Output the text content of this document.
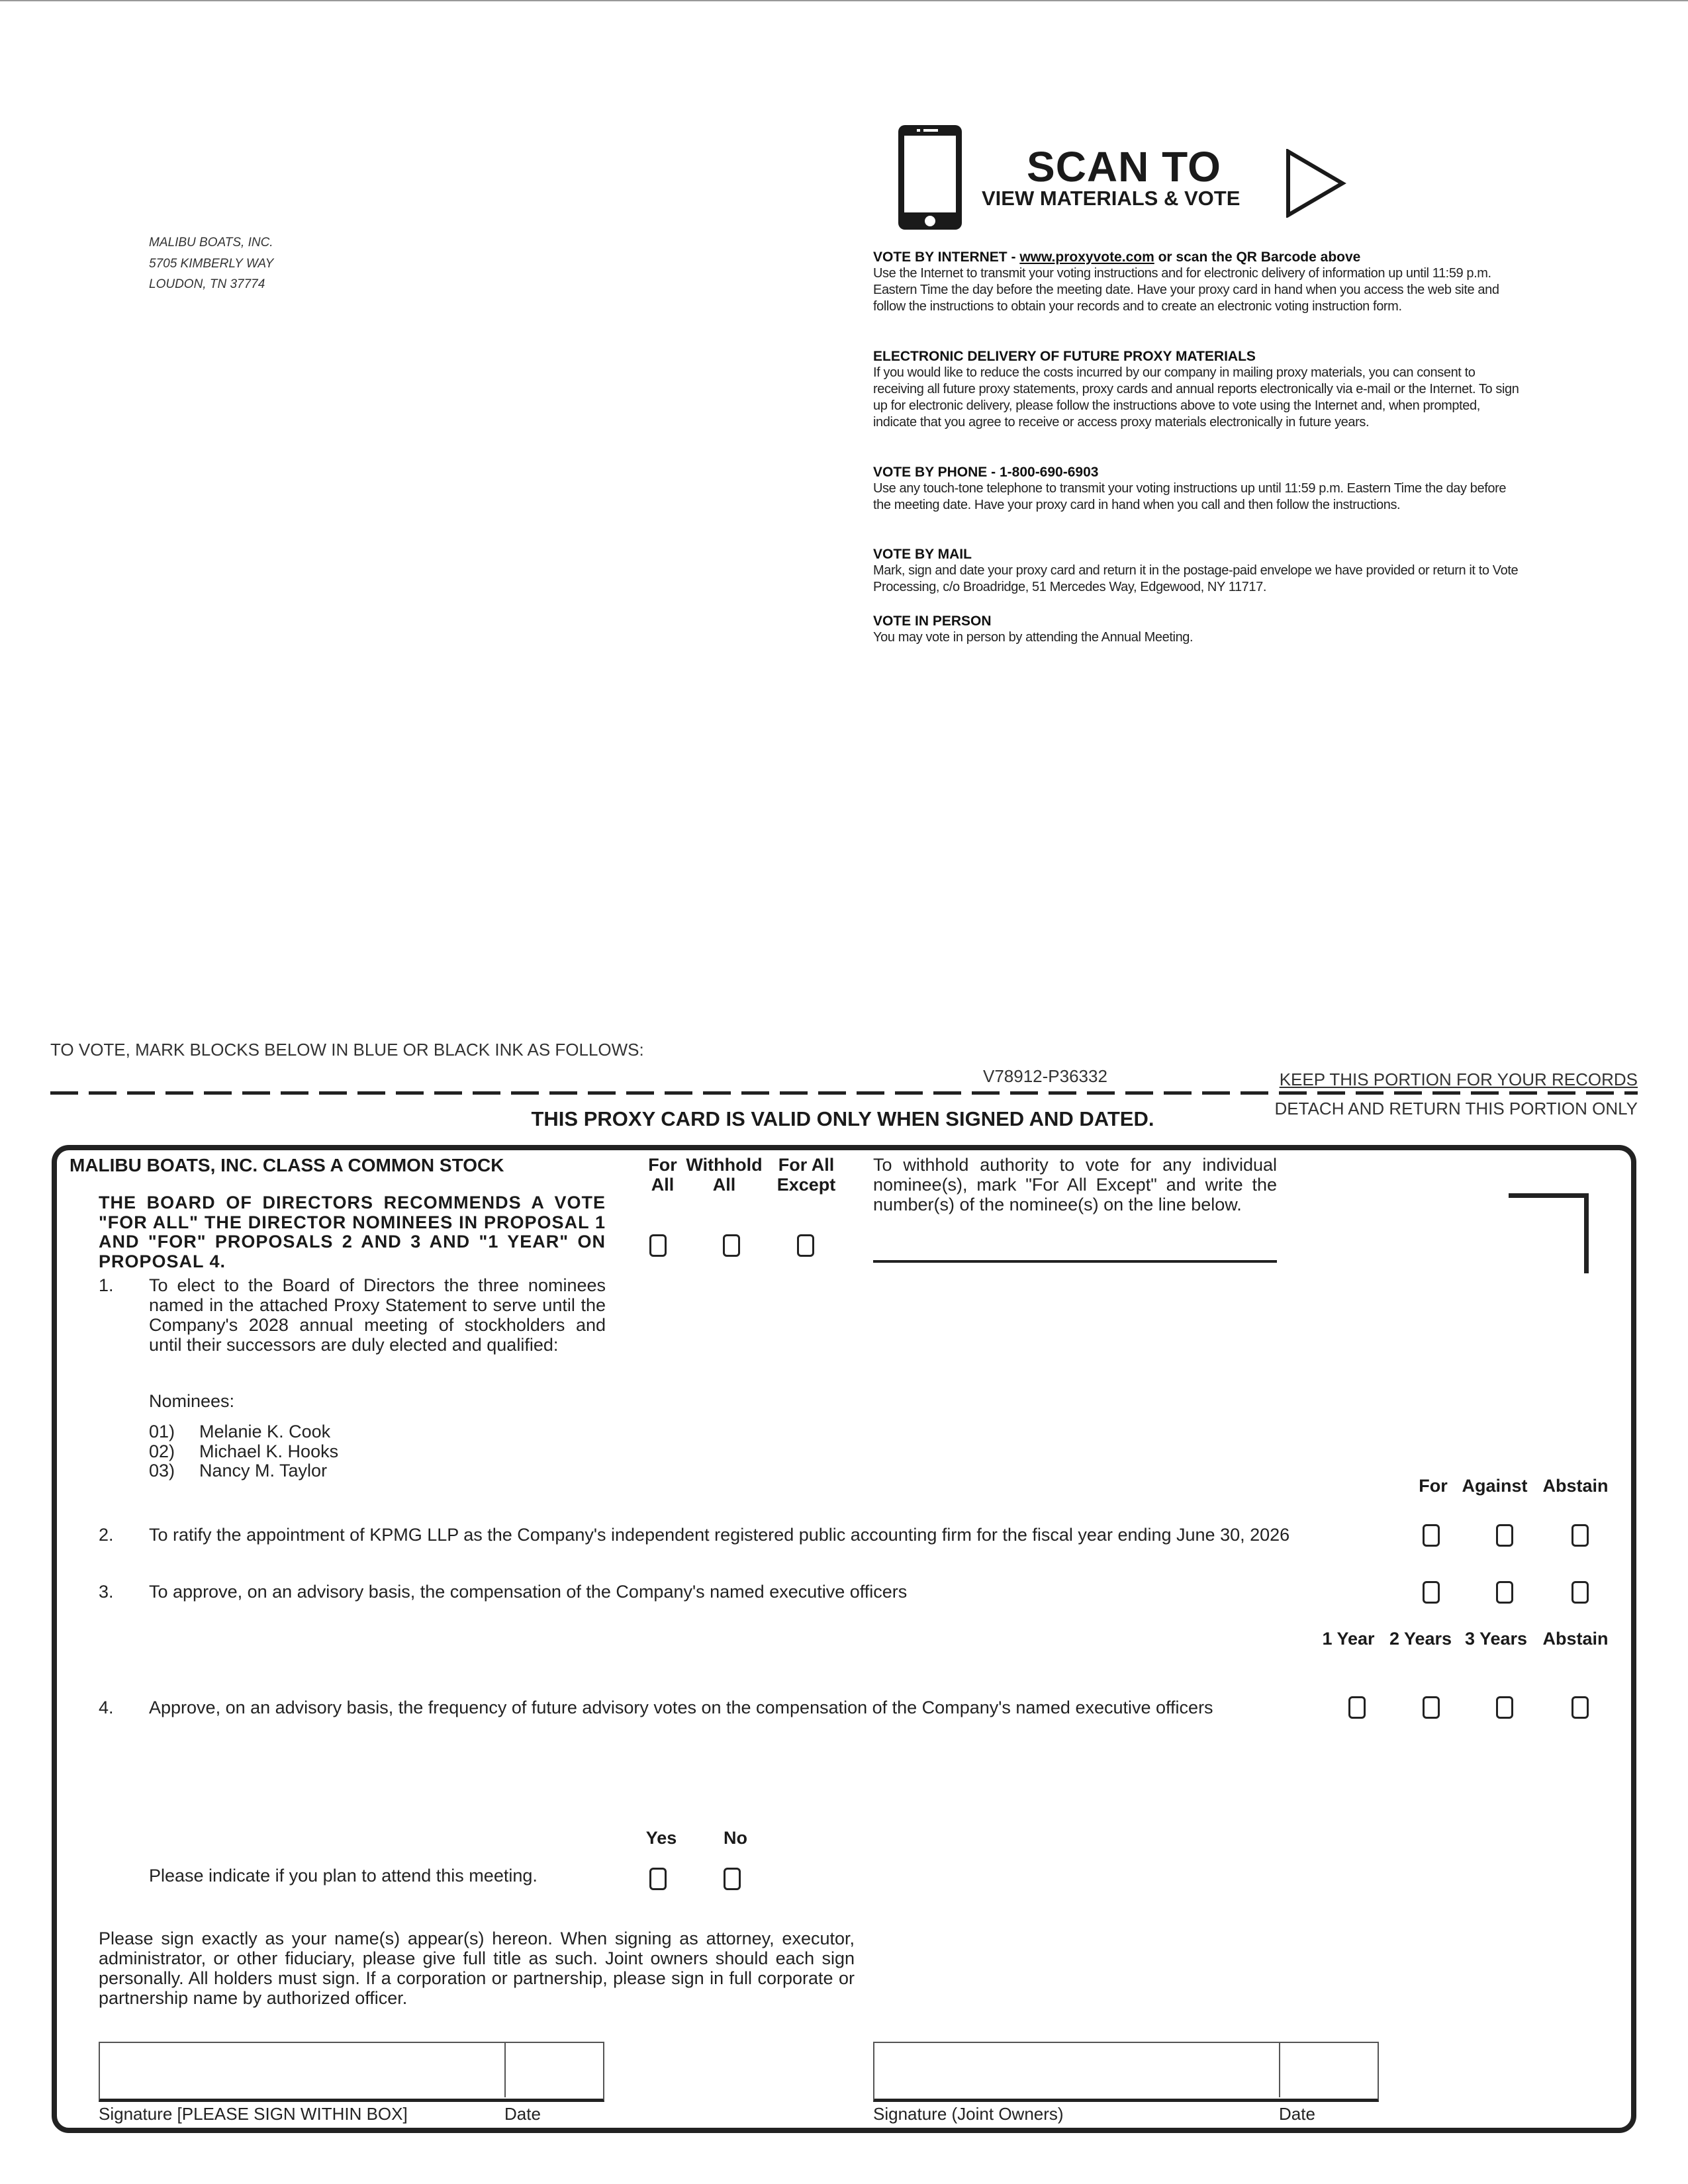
MALIBU BOATS, INC.

5705 KIMBERLY WAY

LOUDON, TN 37774

SCAN TO

VIEW MATERIALS & VOTE

VOTE BY INTERNET - www.proxyvote.com or scan the QR Barcode above
Use the Internet to transmit your voting instructions and for electronic delivery of information up until 11:59 p.m. Eastern Time the day before the meeting date. Have your proxy card in hand when you access the web site and follow the instructions to obtain your records and to create an electronic voting instruction form.
ELECTRONIC DELIVERY OF FUTURE PROXY MATERIALS
If you would like to reduce the costs incurred by our company in mailing proxy materials, you can consent to receiving all future proxy statements, proxy cards and annual reports electronically via e-mail or the Internet. To sign up for electronic delivery, please follow the instructions above to vote using the Internet and, when prompted, indicate that you agree to receive or access proxy materials electronically in future years.
VOTE BY PHONE - 1-800-690-6903
Use any touch-tone telephone to transmit your voting instructions up until 11:59 p.m. Eastern Time the day before the meeting date. Have your proxy card in hand when you call and then follow the instructions.
VOTE BY MAIL
Mark, sign and date your proxy card and return it in the postage-paid envelope we have provided or return it to Vote Processing, c/o Broadridge, 51 Mercedes Way, Edgewood, NY 11717.
VOTE IN PERSON
You may vote in person by attending the Annual Meeting.

TO VOTE, MARK BLOCKS BELOW IN BLUE OR BLACK INK AS FOLLOWS:

V78912-P36332	KEEP THIS PORTION FOR YOUR RECORDS

DETACH AND RETURN THIS PORTION ONLY

THIS PROXY CARD IS VALID ONLY WHEN SIGNED AND DATED.

MALIBU BOATS, INC. CLASS A COMMON STOCK

THE BOARD OF DIRECTORS RECOMMENDS A VOTE "FOR ALL" THE DIRECTOR NOMINEES IN PROPOSAL 1 AND "FOR" PROPOSALS 2 AND 3 AND "1 YEAR" ON PROPOSAL 4.

For
All

Withhold
All

For All
Except

To withhold authority to vote for any individual nominee(s), mark "For All Except" and write the number(s) of the nominee(s) on the line below.

1. To elect to the Board of Directors the three nominees named in the attached Proxy Statement to serve until the Company's 2028 annual meeting of stockholders and until their successors are duly elected and qualified:

Nominees:

01) Melanie K. Cook

02) Michael K. Hooks

03) Nancy M. Taylor

For Against Abstain

2. To ratify the appointment of KPMG LLP as the Company's independent registered public accounting firm for the fiscal year ending June 30, 2026

3. To approve, on an advisory basis, the compensation of the Company's named executive officers

1 Year 2 Years 3 Years Abstain

4. Approve, on an advisory basis, the frequency of future advisory votes on the compensation of the Company's named executive officers

Yes	No

Please indicate if you plan to attend this meeting.

Please sign exactly as your name(s) appear(s) hereon. When signing as attorney, executor, administrator, or other fiduciary, please give full title as such. Joint owners should each sign personally. All holders must sign. If a corporation or partnership, please sign in full corporate or partnership name by authorized officer.

Signature [PLEASE SIGN WITHIN BOX]	Date	Signature (Joint Owners)	Date
